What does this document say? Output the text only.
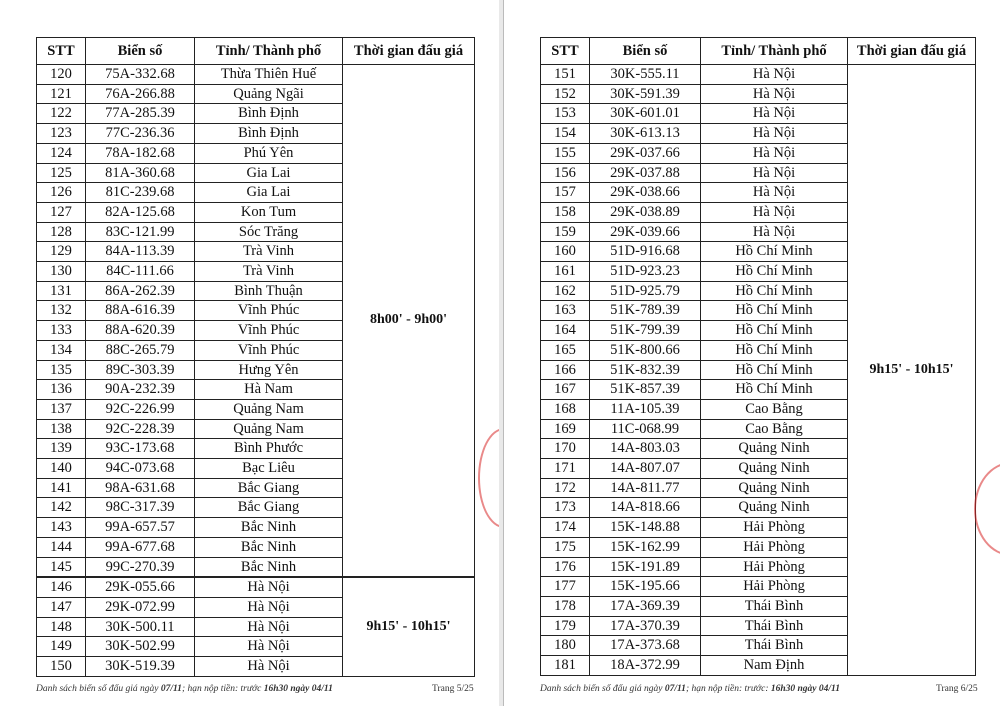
STT	Biển số	Tỉnh/ Thành phố	Thời gian đấu giá
120	75A-332.68	Thừa Thiên Huế	8h00' - 9h00'
121	76A-266.88	Quảng Ngãi	
122	77A-285.39	Bình Định	
123	77C-236.36	Bình Định	
124	78A-182.68	Phú Yên	
125	81A-360.68	Gia Lai	
126	81C-239.68	Gia Lai	
127	82A-125.68	Kon Tum	
128	83C-121.99	Sóc Trăng	
129	84A-113.39	Trà Vinh	
130	84C-111.66	Trà Vinh	
131	86A-262.39	Bình Thuận	
132	88A-616.39	Vĩnh Phúc	
133	88A-620.39	Vĩnh Phúc	
134	88C-265.79	Vĩnh Phúc	
135	89C-303.39	Hưng Yên	
136	90A-232.39	Hà Nam	
137	92C-226.99	Quảng Nam	
138	92C-228.39	Quảng Nam	
139	93C-173.68	Bình Phước	
140	94C-073.68	Bạc Liêu	
141	98A-631.68	Bắc Giang	
142	98C-317.39	Bắc Giang	
143	99A-657.57	Bắc Ninh	
144	99A-677.68	Bắc Ninh	
145	99C-270.39	Bắc Ninh	
146	29K-055.66	Hà Nội	9h15' - 10h15'
147	29K-072.99	Hà Nội	
148	30K-500.11	Hà Nội	
149	30K-502.99	Hà Nội	
150	30K-519.39	Hà Nội	
Danh sách biển số đấu giá ngày 07/11; hạn nộp tiền: trước 16h30 ngày 04/11	Trang 5/25
STT	Biển số	Tỉnh/ Thành phố	Thời gian đấu giá
151	30K-555.11	Hà Nội	9h15' - 10h15'
152	30K-591.39	Hà Nội	
153	30K-601.01	Hà Nội	
154	30K-613.13	Hà Nội	
155	29K-037.66	Hà Nội	
156	29K-037.88	Hà Nội	
157	29K-038.66	Hà Nội	
158	29K-038.89	Hà Nội	
159	29K-039.66	Hà Nội	
160	51D-916.68	Hồ Chí Minh	
161	51D-923.23	Hồ Chí Minh	
162	51D-925.79	Hồ Chí Minh	
163	51K-789.39	Hồ Chí Minh	
164	51K-799.39	Hồ Chí Minh	
165	51K-800.66	Hồ Chí Minh	
166	51K-832.39	Hồ Chí Minh	
167	51K-857.39	Hồ Chí Minh	
168	11A-105.39	Cao Bằng	
169	11C-068.99	Cao Bằng	
170	14A-803.03	Quảng Ninh	
171	14A-807.07	Quảng Ninh	
172	14A-811.77	Quảng Ninh	
173	14A-818.66	Quảng Ninh	
174	15K-148.88	Hải Phòng	
175	15K-162.99	Hải Phòng	
176	15K-191.89	Hải Phòng	
177	15K-195.66	Hải Phòng	
178	17A-369.39	Thái Bình	
179	17A-370.39	Thái Bình	
180	17A-373.68	Thái Bình	
181	18A-372.99	Nam Định	
Danh sách biển số đấu giá ngày 07/11; hạn nộp tiền: trước: 16h30 ngày 04/11	Trang 6/25
